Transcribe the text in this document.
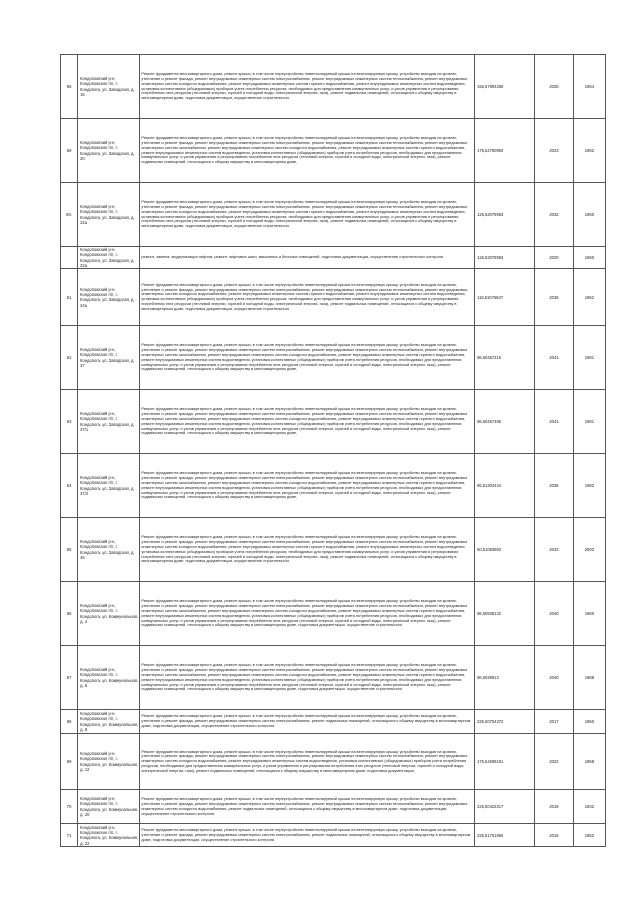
58	Кондопожский р-н, Кондопожское г/п, г. Кондопога, ул. Заводская, д. 15	Ремонт фундамента многоквартирного дома, ремонт крыши, в том числе переустройство невентилируемой крыши на вентилируемую крышу, устройство выходов на кровлю, утепление и ремонт фасада, ремонт внутридомовых инженерных систем электроснабжения, ремонт внутридомовых инженерных систем теплоснабжения, ремонт внутридомовых инженерных систем холодного водоснабжения, ремонт внутридомовых инженерных систем горячего водоснабжения, ремонт внутридомовых инженерных систем водоотведения, установка коллективных (общедомовых) приборов учета потребления ресурсов, необходимых для предоставления коммунальных услуг, и узлов управления и регулирования потребления этих ресурсов (тепловой энергии, горячей и холодной воды, электрической энергии, газа), ремонт подвальных помещений, относящихся к общему имуществу в многоквартирном доме, подготовка документации, осуществление строительного	156,57894258	2025	1964
59	Кондопожский р-н, Кондопожское г/п, г. Кондопога, ул. Заводская, д. 20	Ремонт фундамента многоквартирного дома, ремонт крыши, в том числе переустройство невентилируемой крыши на вентилируемую крышу, устройство выходов на кровлю, утепление и ремонт фасада, ремонт внутридомовых инженерных систем электроснабжения, ремонт внутридомовых инженерных систем теплоснабжения, ремонт внутридомовых инженерных систем газоснабжения, ремонт внутридомовых инженерных систем холодного водоснабжения, ремонт внутридомовых инженерных систем горячего водоснабжения, ремонт внутридомовых инженерных систем водоотведения, установка коллективных (общедомовых) приборов учета потребления ресурсов, необходимых для предоставления коммунальных услуг, и узлов управления и регулирования потребления этих ресурсов (тепловой энергии, горячей и холодной воды, электрической энергии, газа), ремонт подвальных помещений, относящихся к общему имуществу в многоквартирном доме,	175,54790993	2023	1962
60.	Кондопожский р-н, Кондопожское г/п, г. Кондопога, ул. Заводская, д. 22а	Ремонт фундамента многоквартирного дома, ремонт крыши, в том числе переустройство невентилируемой крыши на вентилируемую крышу, устройство выходов на кровлю, утепление и ремонт фасада, ремонт внутридомовых инженерных систем электроснабжения, ремонт внутридомовых инженерных систем теплоснабжения, ремонт внутридомовых инженерных систем холодного водоснабжения, ремонт внутридомовых инженерных систем горячего водоснабжения, ремонт внутридомовых инженерных систем водоотведения, установка коллективных (общедомовых) приборов учета потребления ресурсов, необходимых для предоставления коммунальных услуг, и узлов управления и регулирования потребления этих ресурсов (тепловой энергии, горячей и холодной воды, электрической энергии, газа), ремонт подвальных помещений, относящихся к общему имуществу в многоквартирном доме, подготовка документации, осуществление строительного	126,52078993	2032	1960
	Кондопожский р-н, Кондопожское г/п, г. Кондопога, ул. Заводская, д. 22а	ремонт, замена, модернизация лифтов, ремонт лифтовых шахт, машинных и блочных помещений, подготовка документации, осуществление строительного контроля	126,52078993	2020	1960
61	Кондопожский р-н, Кондопожское г/п, г. Кондопога, ул. Заводская, д. 24а	Ремонт фундамента многоквартирного дома, ремонт крыши, в том числе переустройство невентилируемой крыши на вентилируемую крышу, устройство выходов на кровлю, утепление и ремонт фасада, ремонт внутридомовых инженерных систем электроснабжения, ремонт внутридомовых инженерных систем теплоснабжения, ремонт внутридомовых инженерных систем холодного водоснабжения, ремонт внутридомовых инженерных систем горячего водоснабжения, ремонт внутридомовых инженерных систем водоотведения, установка коллективных (общедомовых) приборов учета потребления ресурсов, необходимых для предоставления коммунальных услуг, и узлов управления и регулирования потребления этих ресурсов (тепловой энергии, горячей и холодной воды, электрической энергии, газа), ремонт подвальных помещений, относящихся к общему имуществу в многоквартирном доме, подготовка документации, осуществление строительного	118,51076637	2036	1962
62	Кондопожский р-н, Кондопожское г/п, г. Кондопога, ул. Заводская, д. 37	Ремонт фундамента многоквартирного дома, ремонт крыши, в том числе переустройство невентилируемой крыши на вентилируемую крышу, устройство выходов на кровлю, утепление и ремонт фасада, ремонт внутридомовых инженерных систем электроснабжения, ремонт внутридомовых инженерных систем теплоснабжения, ремонт внутридомовых инженерных систем газоснабжения, ремонт внутридомовых инженерных систем холодного водоснабжения, ремонт внутридомовых инженерных систем горячего водоснабжения, ремонт внутридомовых инженерных систем водоотведения, установка коллективных (общедомовых) приборов учета потребления ресурсов, необходимых для предоставления коммунальных услуг, и узлов управления и регулирования потребления этих ресурсов (тепловой энергии, горячей и холодной воды, электрической энергии, газа), ремонт подвальных помещений, относящихся к общему имуществу в многоквартирном доме,	96,60467216	2041	1981
63	Кондопожский р-н, Кондопожское г/п, г. Кондопога, ул. Заводская, д. 37/1	Ремонт фундамента многоквартирного дома, ремонт крыши, в том числе переустройство невентилируемой крыши на вентилируемую крышу, устройство выходов на кровлю, утепление и ремонт фасада, ремонт внутридомовых инженерных систем электроснабжения, ремонт внутридомовых инженерных систем теплоснабжения, ремонт внутридомовых инженерных систем газоснабжения, ремонт внутридомовых инженерных систем холодного водоснабжения, ремонт внутридомовых инженерных систем горячего водоснабжения, ремонт внутридомовых инженерных систем водоотведения, установка коллективных (общедомовых) приборов учета потребления ресурсов, необходимых для предоставления коммунальных услуг, и узлов управления и регулирования потребления этих ресурсов (тепловой энергии, горячей и холодной воды, электрической энергии, газа), ремонт подвальных помещений, относящихся к общему имуществу в многоквартирном доме,	96,60467486	2041	1981
64	Кондопожский р-н, Кондопожское г/п, г. Кондопога, ул. Заводская, д. 37/2	Ремонт фундамента многоквартирного дома, ремонт крыши, в том числе переустройство невентилируемой крыши на вентилируемую крышу, устройство выходов на кровлю, утепление и ремонт фасада, ремонт внутридомовых инженерных систем электроснабжения, ремонт внутридомовых инженерных систем теплоснабжения, ремонт внутридомовых инженерных систем газоснабжения, ремонт внутридомовых инженерных систем холодного водоснабжения, ремонт внутридомовых инженерных систем горячего водоснабжения, ремонт внутридомовых инженерных систем водоотведения, установка коллективных (общедомовых) приборов учета потребления ресурсов, необходимых для предоставления коммунальных услуг, и узлов управления и регулирования потребления этих ресурсов (тепловой энергии, горячей и холодной воды, электрической энергии, газа), ремонт подвальных помещений, относящихся к общему имуществу в многоквартирном доме,	95,51304444	2036	1982
65	Кондопожский р-н, Кондопожское г/п, г. Кондопога, ул. Заводская, д. 46	Ремонт фундамента многоквартирного дома, ремонт крыши, в том числе переустройство невентилируемой крыши на вентилируемую крышу, устройство выходов на кровлю, утепление и ремонт фасада, ремонт внутридомовых инженерных систем электроснабжения, ремонт внутридомовых инженерных систем теплоснабжения, ремонт внутридомовых инженерных систем холодного водоснабжения, ремонт внутридомовых инженерных систем горячего водоснабжения, ремонт внутридомовых инженерных систем водоотведения, установка коллективных (общедомовых) приборов учета потребления ресурсов, необходимых для предоставления коммунальных услуг, и узлов управления и регулирования потребления этих ресурсов (тепловой энергии, горячей и холодной воды, электрической энергии, газа), ремонт подвальных помещений, относящихся к общему имуществу в многоквартирном доме, подготовка документации, осуществление строительного	50,51083993	2043	2003
66	Кондопожский р-н, Кондопожское г/п, г. Кондопога, ул. Коммунальная, д. 4	Ремонт фундамента многоквартирного дома, ремонт крыши, в том числе переустройство невентилируемой крыши на вентилируемую крышу, устройство выходов на кровлю, утепление и ремонт фасада, ремонт внутридомовых инженерных систем электроснабжения, ремонт внутридомовых инженерных систем теплоснабжения, ремонт внутридомовых инженерных систем газоснабжения, ремонт внутридомовых инженерных систем холодного водоснабжения, ремонт внутридомовых инженерных систем горячего водоснабжения, ремонт внутридомовых инженерных систем водоотведения, установка коллективных (общедомовых) приборов учета потребления ресурсов, необходимых для предоставления коммунальных услуг, и узлов управления и регулирования потребления этих ресурсов (тепловой энергии, горячей и холодной воды, электрической энергии, газа), ремонт подвальных помещений, относящихся к общему имуществу в многоквартирном доме, подготовка документации, осуществление строительного	96,60508132	2040	1960
67	Кондопожский р-н, Кондопожское г/п, г. Кондопога, ул. Коммунальная, д. 6	Ремонт фундамента многоквартирного дома, ремонт крыши, в том числе переустройство невентилируемой крыши на вентилируемую крышу, устройство выходов на кровлю, утепление и ремонт фасада, ремонт внутридомовых инженерных систем электроснабжения, ремонт внутридомовых инженерных систем теплоснабжения, ремонт внутридомовых инженерных систем газоснабжения, ремонт внутридомовых инженерных систем холодного водоснабжения, ремонт внутридомовых инженерных систем горячего водоснабжения, ремонт внутридомовых инженерных систем водоотведения, установка коллективных (общедомовых) приборов учета потребления ресурсов, необходимых для предоставления коммунальных услуг, и узлов управления и регулирования потребления этих ресурсов (тепловой энергии, горячей и холодной воды, электрической энергии, газа), ремонт подвальных помещений, относящихся к общему имуществу в многоквартирном доме, подготовка документации, осуществление строительного	96,6036913	2040	1988
68	Кондопожский р-н, Кондопожское г/п, г. Кондопога, ул. Коммунальная, д. 8	Ремонт фундамента многоквартирного дома, ремонт крыши, в том числе переустройство невентилируемой крыши на вентилируемую крышу, устройство выходов на кровлю, утепление и ремонт фасада, ремонт внутридомовых инженерных систем электроснабжения, ремонт подвальных помещений, относящихся к общему имуществу в многоквартирном доме, подготовка документации, осуществление строительного контроля	225,50704372	2017	1950
69	Кондопожский р-н, Кондопожское г/п, г. Кондопога, ул. Коммунальная, д. 12	Ремонт фундамента многоквартирного дома, ремонт крыши, в том числе переустройство невентилируемой крыши на вентилируемую крышу, устройство выходов на кровлю, утепление и ремонт фасада, ремонт внутридомовых инженерных систем электроснабжения, ремонт внутридомовых инженерных систем теплоснабжения, ремонт внутридомовых инженерных систем холодного водоснабжения, ремонт внутридомовых инженерных систем водоотведения, установка коллективных (общедомовых) приборов учета потребления ресурсов, необходимых для предоставления коммунальных услуг, и узлов управления и регулирования потребления этих ресурсов (тепловой энергии, горячей и холодной воды, электрической энергии, газа), ремонт подвальных помещений, относящихся к общему имуществу в многоквартирном доме, подготовка документации,	175,54598181	2022	1958
70	Кондопожский р-н, Кондопожское г/п, г. Кондопога, ул. Коммунальная, д. 20	Ремонт фундамента многоквартирного дома, ремонт крыши, в том числе переустройство невентилируемой крыши на вентилируемую крышу, устройство выходов на кровлю, утепление и ремонт фасада, ремонт внутридомовых инженерных систем электроснабжения, ремонт внутридомовых инженерных систем теплоснабжения, ремонт внутридомовых инженерных систем холодного водоснабжения, ремонт подвальных помещений, относящихся к общему имуществу в многоквартирном доме, подготовка документации, осуществление строительного контроля	225,50422317	2018	1932
71	Кондопожский р-н, Кондопожское г/п, г. Кондопога, ул. Коммунальная, д. 22	Ремонт фундамента многоквартирного дома, ремонт крыши, в том числе переустройство невентилируемой крыши на вентилируемую крышу, устройство выходов на кровлю, утепление и ремонт фасада, ремонт внутридомовых инженерных систем электроснабжения, ремонт подвальных помещений, относящихся к общему имуществу в многоквартирном доме, подготовка документации, осуществление строительного контроля	225,51701866	2016	1952
